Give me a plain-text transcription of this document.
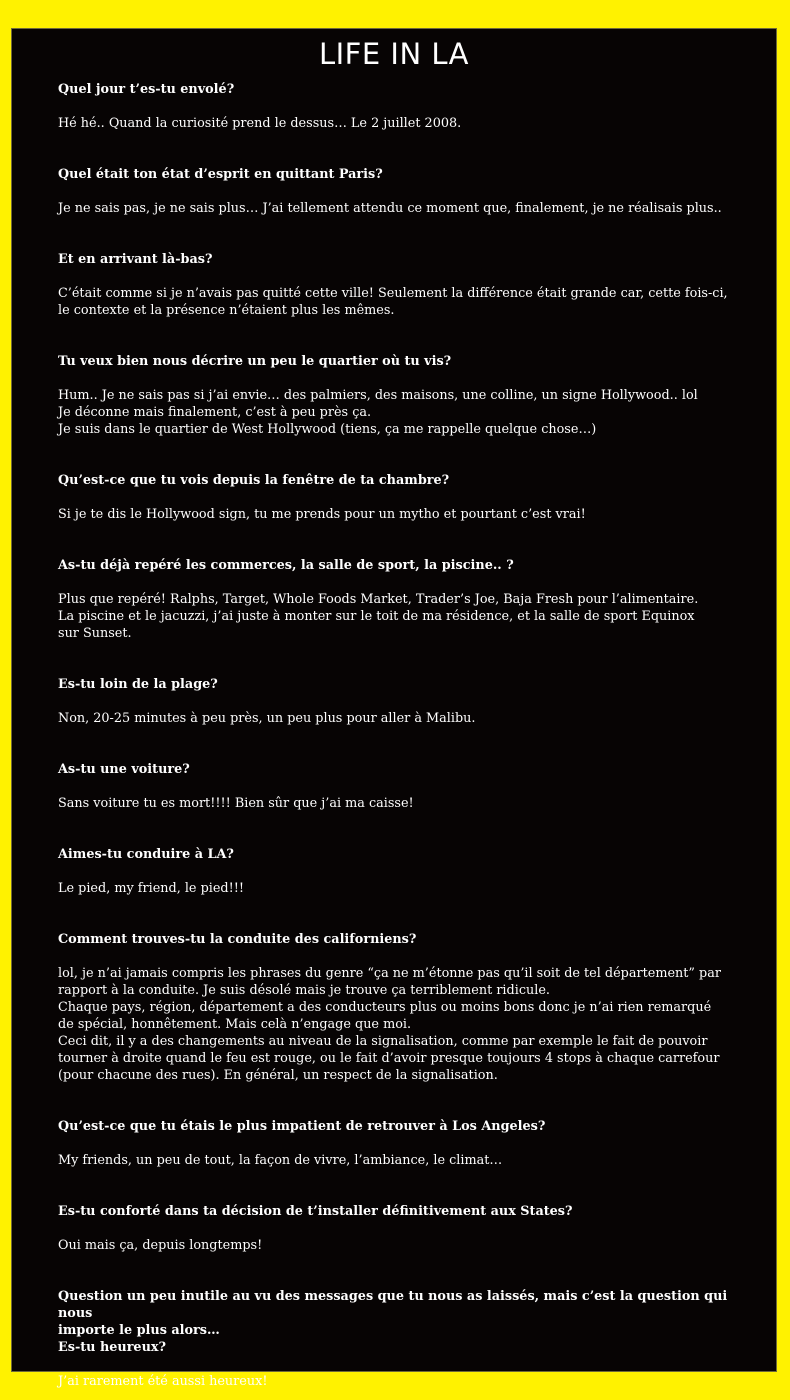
LIFE IN LA

Quel jour t’es-tu envolé?

Hé hé.. Quand la curiosité prend le dessus… Le 2 juillet 2008.

Quel était ton état d’esprit en quittant Paris?

Je ne sais pas, je ne sais plus… J’ai tellement attendu ce moment que, finalement, je ne réalisais plus..

Et en arrivant là-bas?

C’était comme si je n’avais pas quitté cette ville! Seulement la différence était grande car, cette fois-ci,
le contexte et la présence n’étaient plus les mêmes.

Tu veux bien nous décrire un peu le quartier où tu vis?

Hum.. Je ne sais pas si j’ai envie… des palmiers, des maisons, une colline, un signe Hollywood.. lol
Je déconne mais finalement, c’est à peu près ça.
Je suis dans le quartier de West Hollywood (tiens, ça me rappelle quelque chose…)

Qu’est-ce que tu vois depuis la fenêtre de ta chambre?

Si je te dis le Hollywood sign, tu me prends pour un mytho et pourtant c’est vrai!

As-tu déjà repéré les commerces, la salle de sport, la piscine.. ?

Plus que repéré! Ralphs, Target, Whole Foods Market, Trader’s Joe, Baja Fresh pour l’alimentaire.
La piscine et le jacuzzi, j’ai juste à monter sur le toit de ma résidence, et la salle de sport Equinox
sur Sunset.

Es-tu loin de la plage?

Non, 20-25 minutes à peu près, un peu plus pour aller à Malibu.

As-tu une voiture?

Sans voiture tu es mort!!!! Bien sûr que j’ai ma caisse!

Aimes-tu conduire à LA?

Le pied, my friend, le pied!!!

Comment trouves-tu la conduite des californiens?

lol, je n’ai jamais compris les phrases du genre “ça ne m’étonne pas qu’il soit de tel département” par
rapport à la conduite. Je suis désolé mais je trouve ça terriblement ridicule.
Chaque pays, région, département a des conducteurs plus ou moins bons donc je n’ai rien remarqué
de spécial, honnêtement. Mais celà n’engage que moi.
Ceci dit, il y a des changements au niveau de la signalisation, comme par exemple le fait de pouvoir
tourner à droite quand le feu est rouge, ou le fait d’avoir presque toujours 4 stops à chaque carrefour
(pour chacune des rues). En général, un respect de la signalisation.

Qu’est-ce que tu étais le plus impatient de retrouver à Los Angeles?

My friends, un peu de tout, la façon de vivre, l’ambiance, le climat…

Es-tu conforté dans ta décision de t’installer définitivement aux States?

Oui mais ça, depuis longtemps!

Question un peu inutile au vu des messages que tu nous as laissés, mais c’est la question qui nous
importe le plus alors…
Es-tu heureux?

J’ai rarement été aussi heureux!
